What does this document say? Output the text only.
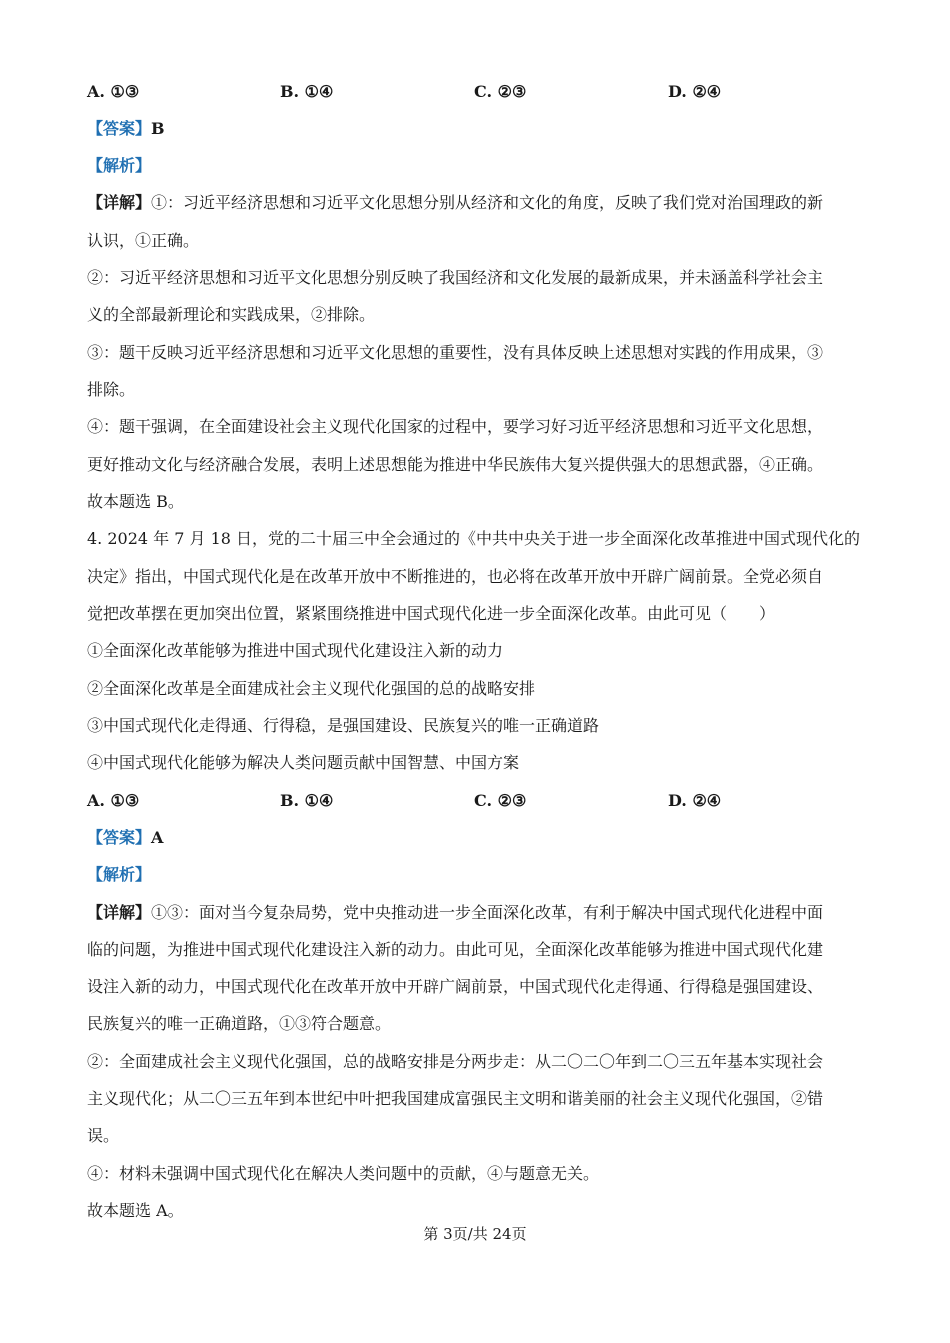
A. ①③	B. ①④	C. ②③	D. ②④
【答案】B
【解析】
【详解】①：习近平经济思想和习近平文化思想分别从经济和文化的角度，反映了我们党对治国理政的新
认识，①正确。
②：习近平经济思想和习近平文化思想分别反映了我国经济和文化发展的最新成果，并未涵盖科学社会主
义的全部最新理论和实践成果，②排除。
③：题干反映习近平经济思想和习近平文化思想的重要性，没有具体反映上述思想对实践的作用成果，③
排除。
④：题干强调，在全面建设社会主义现代化国家的过程中，要学习好习近平经济思想和习近平文化思想，
更好推动文化与经济融合发展，表明上述思想能为推进中华民族伟大复兴提供强大的思想武器，④正确。
故本题选 B。
4. 2024 年 7 月 18 日，党的二十届三中全会通过的《中共中央关于进一步全面深化改革推进中国式现代化的
决定》指出，中国式现代化是在改革开放中不断推进的，也必将在改革开放中开辟广阔前景。全党必须自
觉把改革摆在更加突出位置，紧紧围绕推进中国式现代化进一步全面深化改革。由此可见（　　）
①全面深化改革能够为推进中国式现代化建设注入新的动力
②全面深化改革是全面建成社会主义现代化强国的总的战略安排
③中国式现代化走得通、行得稳，是强国建设、民族复兴的唯一正确道路
④中国式现代化能够为解决人类问题贡献中国智慧、中国方案
A. ①③	B. ①④	C. ②③	D. ②④
【答案】A
【解析】
【详解】①③：面对当今复杂局势，党中央推动进一步全面深化改革，有利于解决中国式现代化进程中面
临的问题，为推进中国式现代化建设注入新的动力。由此可见，全面深化改革能够为推进中国式现代化建
设注入新的动力，中国式现代化在改革开放中开辟广阔前景，中国式现代化走得通、行得稳是强国建设、
民族复兴的唯一正确道路，①③符合题意。
②：全面建成社会主义现代化强国，总的战略安排是分两步走：从二〇二〇年到二〇三五年基本实现社会
主义现代化；从二〇三五年到本世纪中叶把我国建成富强民主文明和谐美丽的社会主义现代化强国，②错
误。
④：材料未强调中国式现代化在解决人类问题中的贡献，④与题意无关。
故本题选 A。
第 3页/共 24页
